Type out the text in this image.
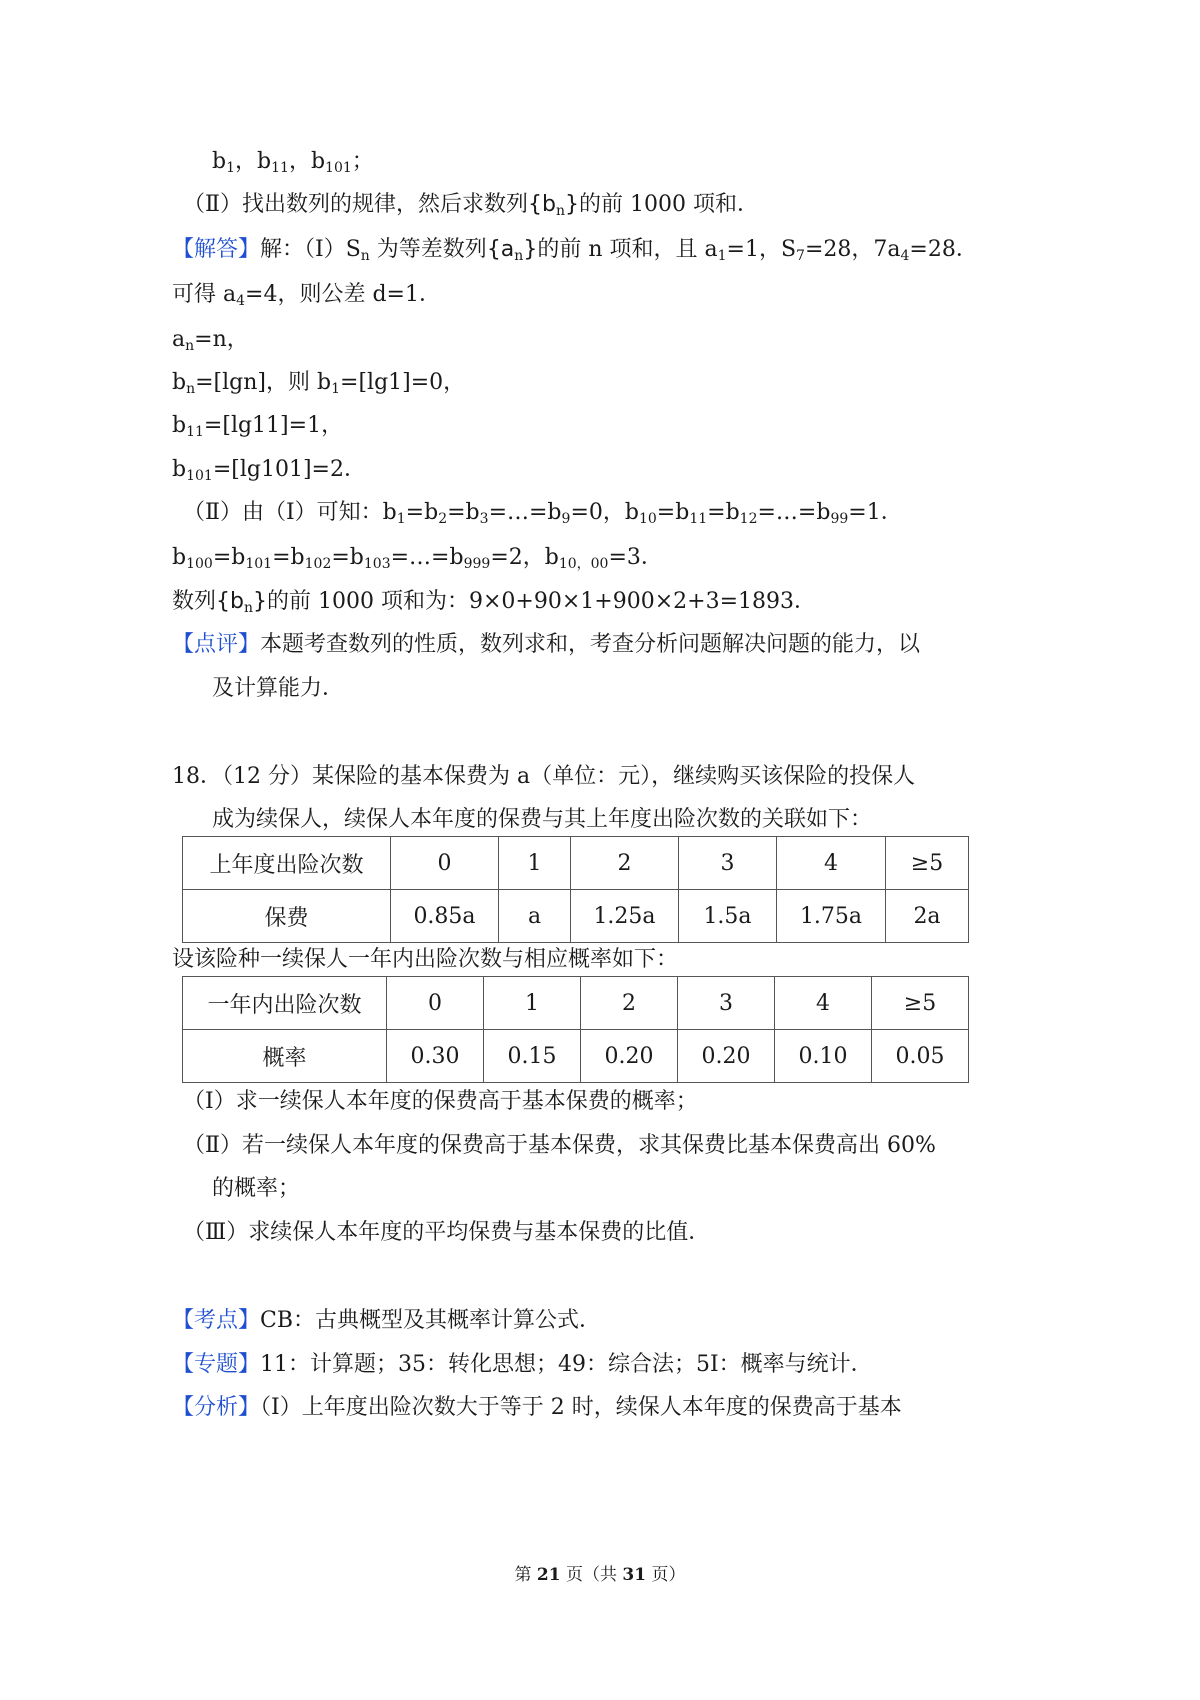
$b_1$，$b_{11}$，$b_{101}$；
（Ⅱ）找出数列的规律，然后求数列$\{b_n\}$的前 1000 项和．
【解答】解：$(Ⅰ)S_n$ 为等差数列$\{a_n\}$的前 n 项和，且 $a_1=1$，$S_7=28$，$7a_4=28$．
可得 $a_4=4$，则公差 d=1．
$a_n=n$，
$b_n=[\lg n]$，则 $b_1=[\lg 1]=0$，
$b_{11}=[\lg 11]=1$，
$b_{101}=[\lg 101]=2$．
（Ⅱ）由（Ⅰ）可知：$b_1=b_2=b_3=\dots=b_9=0$，$b_{10}=b_{11}=b_{12}=\dots=b_{99}=1$．
$b_{100}=b_{101}=b_{102}=b_{103}=\dots=b_{999}=2$，$b_{10,00}=3$．
数列$\{b_n\}$的前 1000 项和为：9×0+90×1+900×2+3=1893．
【点评】本题考查数列的性质，数列求和，考查分析问题解决问题的能力，以
及计算能力．
18．（12 分）某保险的基本保费为 a（单位：元），继续购买该保险的投保人
成为续保人，续保人本年度的保费与其上年度出险次数的关联如下：
上年度出险次数	0	1	2	3	4	≥5
保费	0.85a	a	1.25a	1.5a	1.75a	2a
设该险种一续保人一年内出险次数与相应概率如下：
一年内出险次数	0	1	2	3	4	≥5
概率	0.30	0.15	0.20	0.20	0.10	0.05
（Ⅰ）求一续保人本年度的保费高于基本保费的概率；
（Ⅱ）若一续保人本年度的保费高于基本保费，求其保费比基本保费高出 60%
的概率；
（Ⅲ）求续保人本年度的平均保费与基本保费的比值．
【考点】CB：古典概型及其概率计算公式．
【专题】11：计算题；35：转化思想；49：综合法；5I：概率与统计．
【分析】（Ⅰ）上年度出险次数大于等于 2 时，续保人本年度的保费高于基本
第 21 页（共 31 页）
